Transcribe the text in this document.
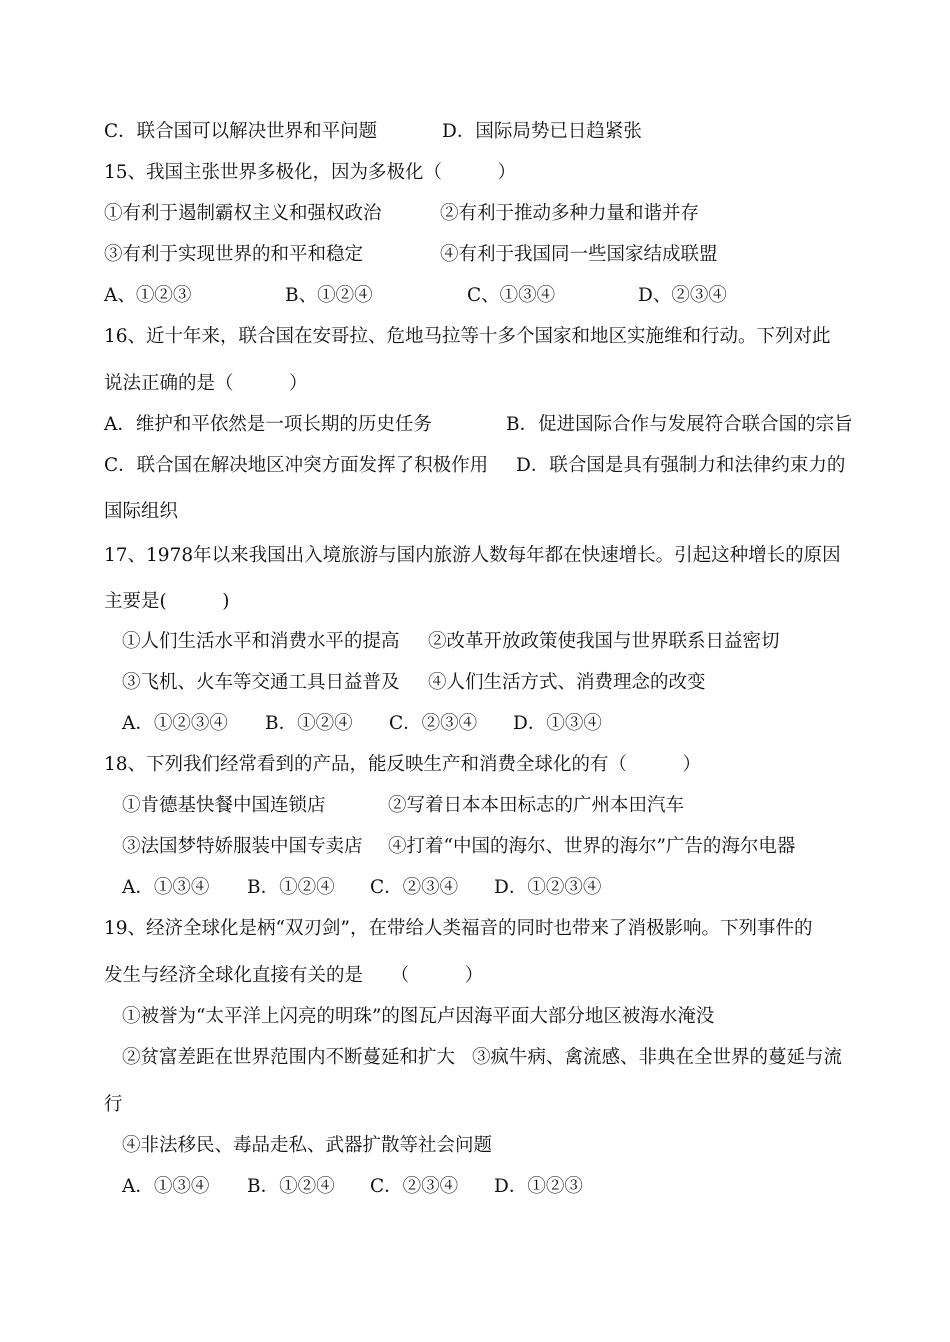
C．联合国可以解决世界和平问题	D．国际局势已日趋紧张
15、我国主张世界多极化，因为多极化（　　　）
①有利于遏制霸权主义和强权政治	②有利于推动多种力量和谐并存
③有利于实现世界的和平和稳定	④有利于我国同一些国家结成联盟
A、①②③	B、①②④	C、①③④	D、②③④
16、近十年来，联合国在安哥拉、危地马拉等十多个国家和地区实施维和行动。下列对此
说法正确的是（　　　）
A．维护和平依然是一项长期的历史任务	B．促进国际合作与发展符合联合国的宗旨
C．联合国在解决地区冲突方面发挥了积极作用 D．联合国是具有强制力和法律约束力的
国际组织
17、1978年以来我国出入境旅游与国内旅游人数每年都在快速增长。引起这种增长的原因
主要是(　　　)
①人们生活水平和消费水平的提高 ②改革开放政策使我国与世界联系日益密切
③飞机、火车等交通工具日益普及 ④人们生活方式、消费理念的改变
A．①②③④ B．①②④ C．②③④ D．①③④
18、下列我们经常看到的产品，能反映生产和消费全球化的有（　　　）
①肯德基快餐中国连锁店	②写着日本本田标志的广州本田汽车
③法国梦特娇服装中国专卖店 ④打着“中国的海尔、世界的海尔”广告的海尔电器
A．①③④ B．①②④ C．②③④ D．①②③④
19、经济全球化是柄“双刃剑”，在带给人类福音的同时也带来了消极影响。下列事件的
发生与经济全球化直接有关的是　　（　　　）
①被誉为“太平洋上闪亮的明珠”的图瓦卢因海平面大部分地区被海水淹没
②贫富差距在世界范围内不断蔓延和扩大 ③疯牛病、禽流感、非典在全世界的蔓延与流
行
④非法移民、毒品走私、武器扩散等社会问题
A．①③④ B．①②④ C．②③④ D．①②③
